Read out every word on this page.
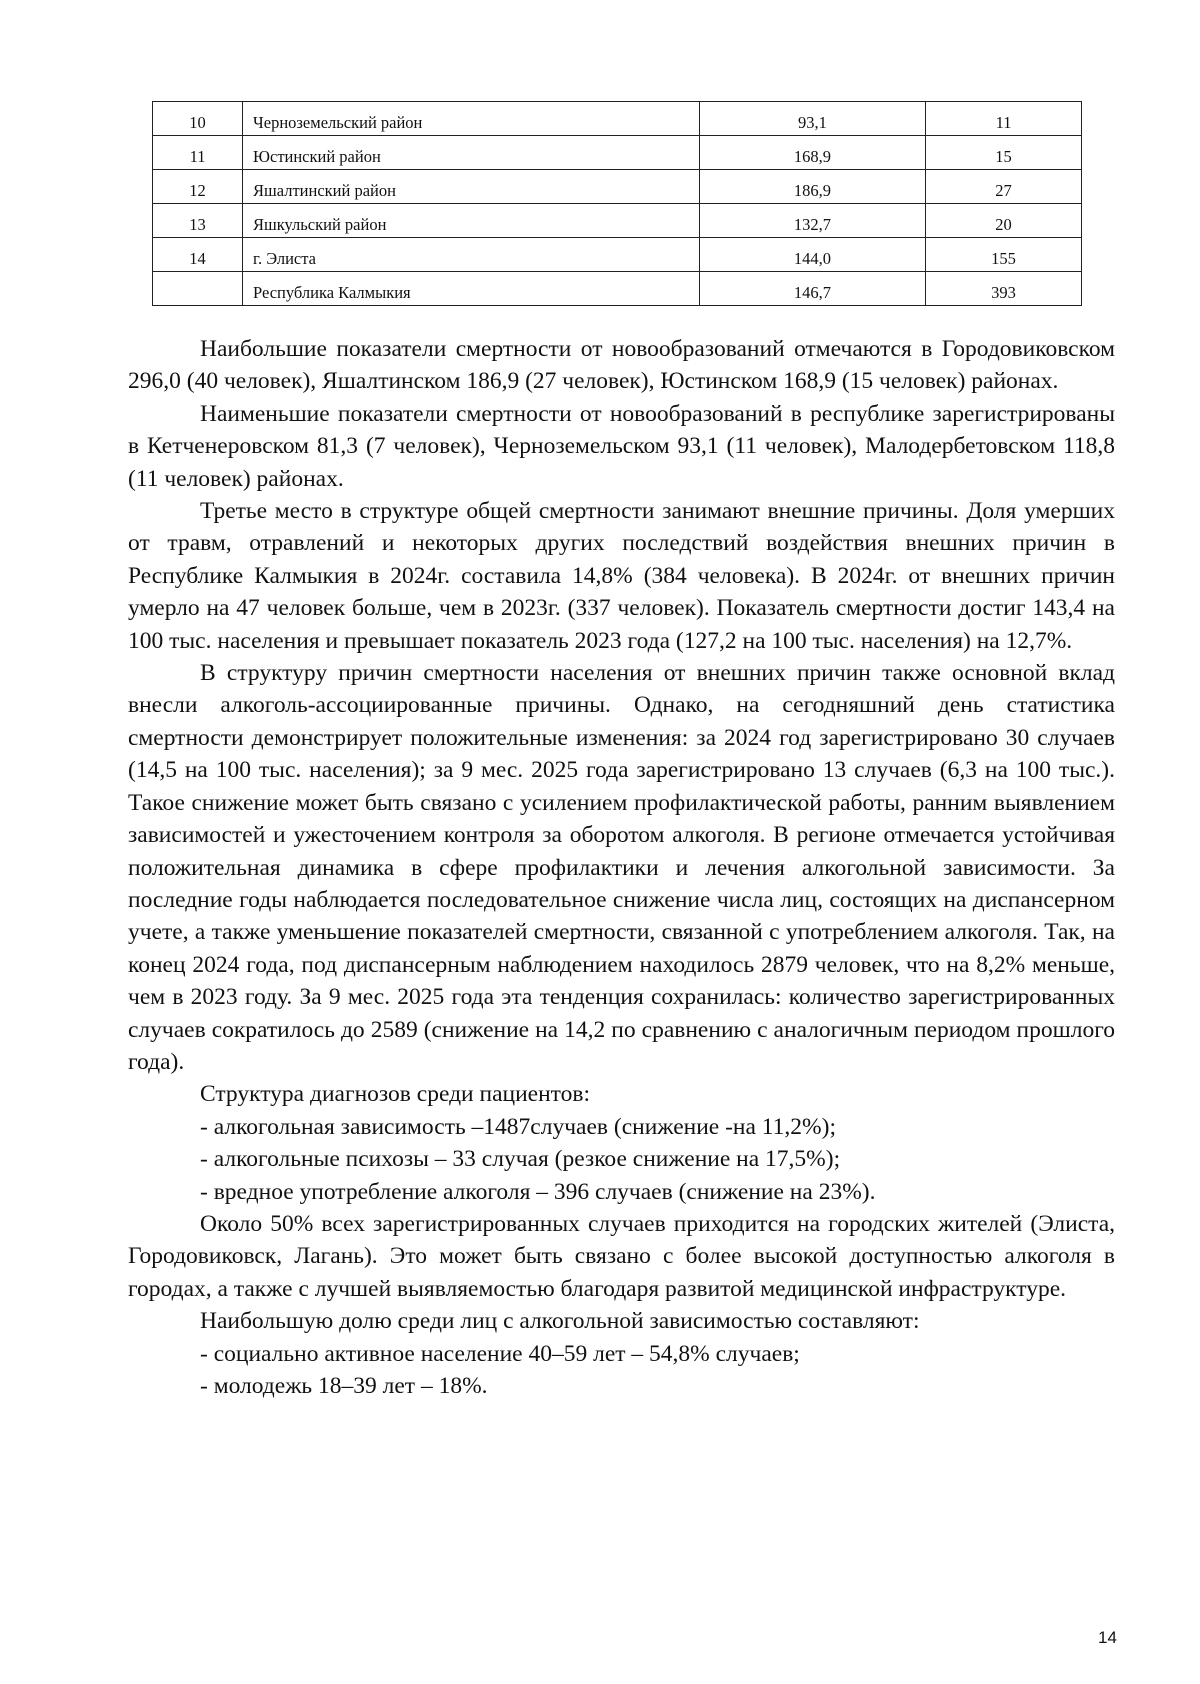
10	Черноземельский район	93,1	11
11	Юстинский район	168,9	15
12	Яшалтинский район	186,9	27
13	Яшкульский район	132,7	20
14	г. Элиста	144,0	155
	Республика Калмыкия	146,7	393

Наибольшие показатели смертности от новообразований отмечаются в Городовиковском 296,0 (40 человек), Яшалтинском 186,9 (27 человек), Юстинском 168,9 (15 человек) районах.

Наименьшие показатели смертности от новообразований в республике зарегистрированы в Кетченеровском 81,3 (7 человек), Черноземельском 93,1 (11 человек), Малодербетовском 118,8 (11 человек) районах.

Третье место в структуре общей смертности занимают внешние причины. Доля умерших от травм, отравлений и некоторых других последствий воздействия внешних причин в Республике Калмыкия в 2024г. составила 14,8% (384 человека). В 2024г. от внешних причин умерло на 47 человек больше, чем в 2023г. (337 человек). Показатель смертности достиг 143,4 на 100 тыс. населения и превышает показатель 2023 года (127,2 на 100 тыс. населения) на 12,7%.

В структуру причин смертности населения от внешних причин также основной вклад внесли алкоголь-ассоциированные причины. Однако, на сегодняшний день статистика смертности демонстрирует положительные изменения: за 2024 год зарегистрировано 30 случаев (14,5 на 100 тыс. населения); за 9 мес. 2025 года зарегистрировано 13 случаев (6,3 на 100 тыс.). Такое снижение может быть связано с усилением профилактической работы, ранним выявлением зависимостей и ужесточением контроля за оборотом алкоголя. В регионе отмечается устойчивая положительная динамика в сфере профилактики и лечения алкогольной зависимости. За последние годы наблюдается последовательное снижение числа лиц, состоящих на диспансерном учете, а также уменьшение показателей смертности, связанной с употреблением алкоголя. Так, на конец 2024 года, под диспансерным наблюдением находилось 2879 человек, что на 8,2% меньше, чем в 2023 году. За 9 мес. 2025 года эта тенденция сохранилась: количество зарегистрированных случаев сократилось до 2589 (снижение на 14,2 по сравнению с аналогичным периодом прошлого года).

Структура диагнозов среди пациентов:

- алкогольная зависимость –1487случаев (снижение -на 11,2%);

- алкогольные психозы – 33 случая (резкое снижение на 17,5%);

- вредное употребление алкоголя – 396 случаев (снижение на 23%).

Около 50% всех зарегистрированных случаев приходится на городских жителей (Элиста, Городовиковск, Лагань). Это может быть связано с более высокой доступностью алкоголя в городах, а также с лучшей выявляемостью благодаря развитой медицинской инфраструктуре.

Наибольшую долю среди лиц с алкогольной зависимостью составляют:

- социально активное население 40–59 лет – 54,8% случаев;

- молодежь 18–39 лет – 18%.

14
